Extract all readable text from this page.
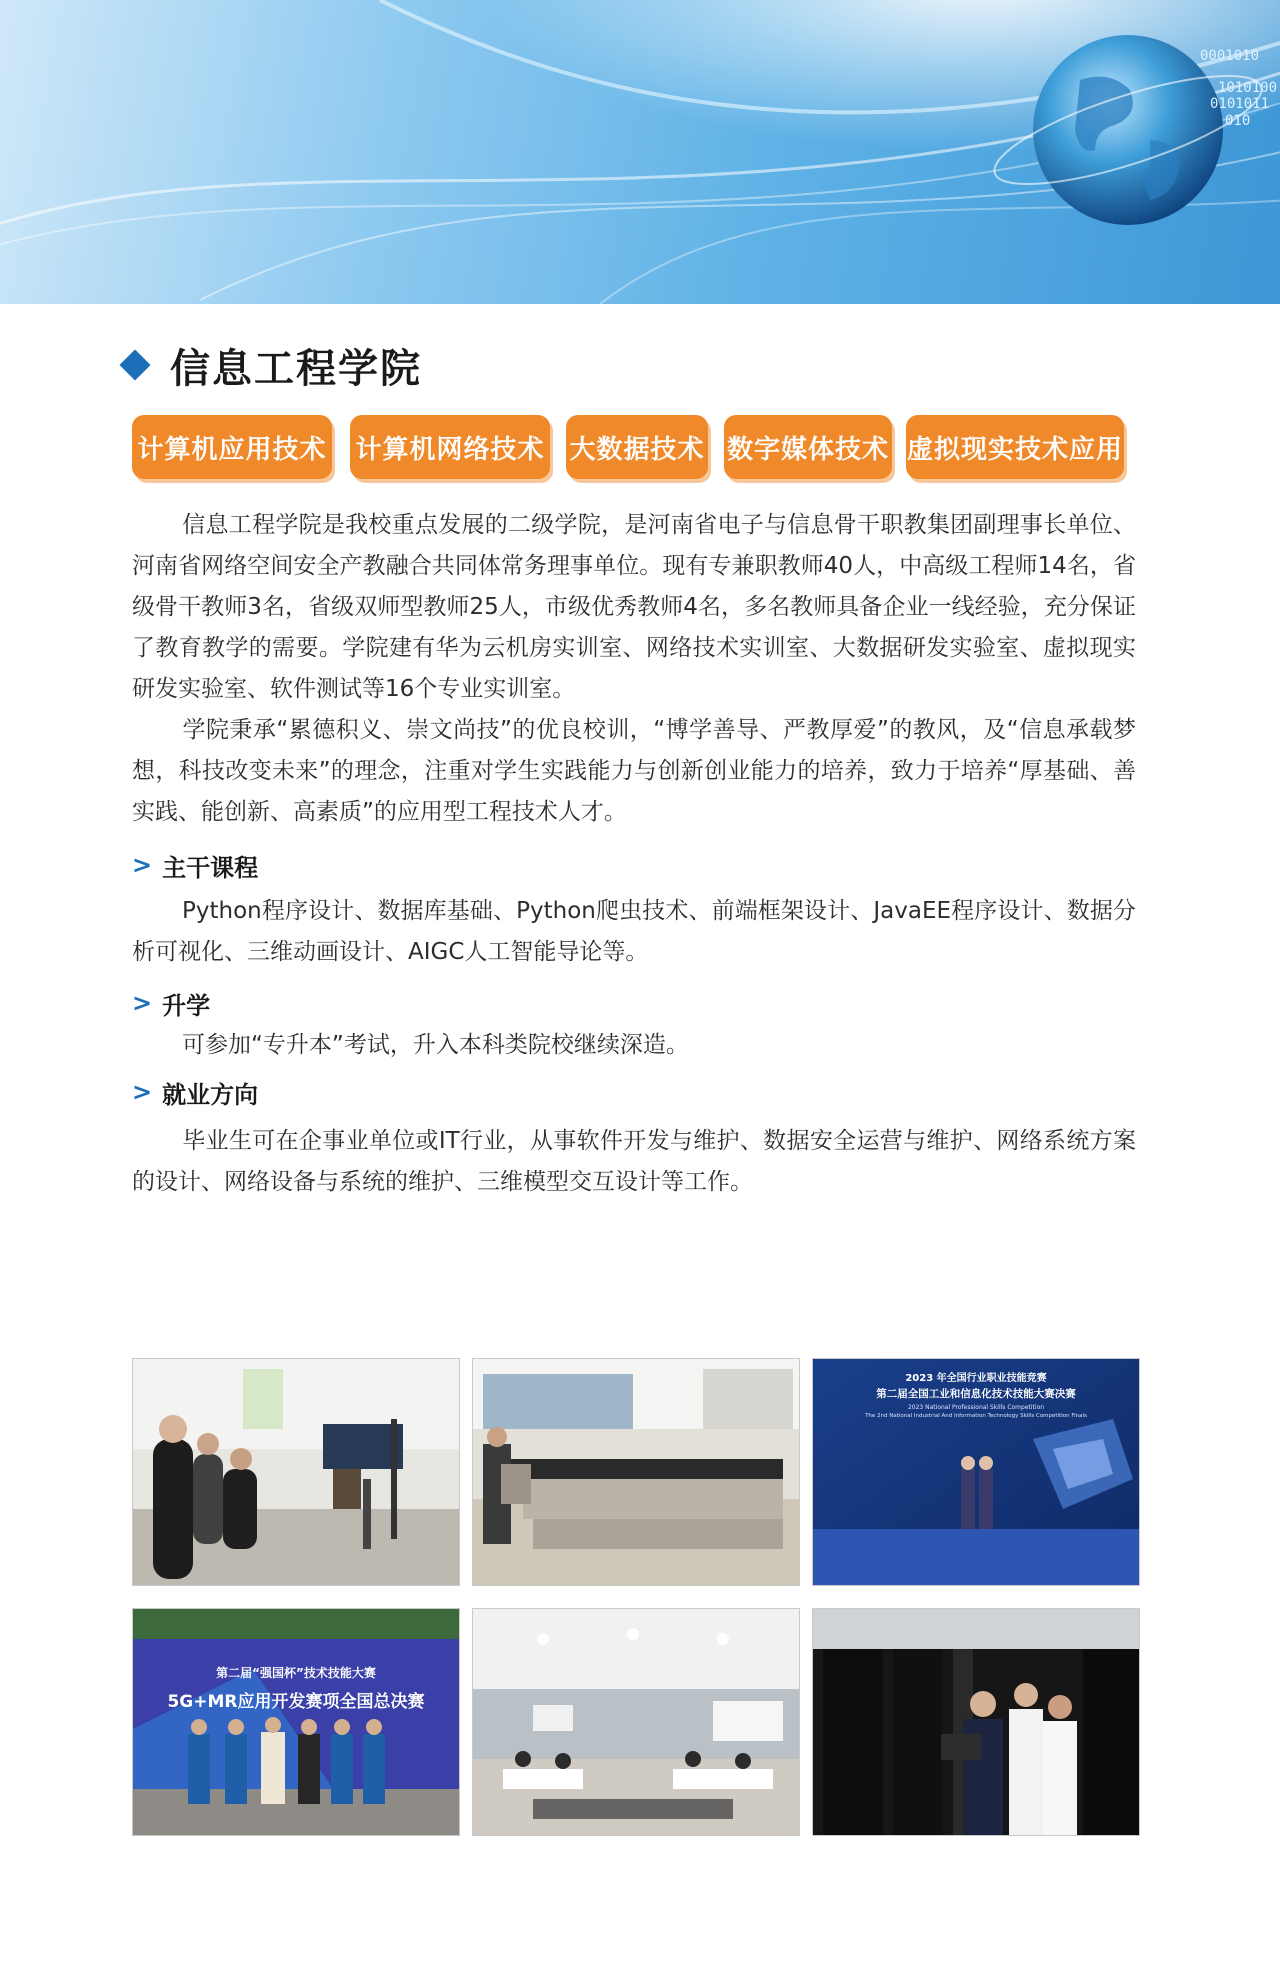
0001010
1010100
0101011
010
信息工程学院
计算机应用技术 计算机网络技术 大数据技术 数字媒体技术 虚拟现实技术应用

信息工程学院是我校重点发展的二级学院，是河南省电子与信息骨干职教集团副理事长单位、河南省网络空间安全产教融合共同体常务理事单位。现有专兼职教师40人，中高级工程师14名，省级骨干教师3名，省级双师型教师25人，市级优秀教师4名，多名教师具备企业一线经验，充分保证了教育教学的需要。学院建有华为云机房实训室、网络技术实训室、大数据研发实验室、虚拟现实研发实验室、软件测试等16个专业实训室。

学院秉承“累德积义、崇文尚技”的优良校训，“博学善导、严教厚爱”的教风，及“信息承载梦想，科技改变未来”的理念，注重对学生实践能力与创新创业能力的培养，致力于培养“厚基础、善实践、能创新、高素质”的应用型工程技术人才。

> 主干课程

Python程序设计、数据库基础、Python爬虫技术、前端框架设计、JavaEE程序设计、数据分析可视化、三维动画设计、AIGC人工智能导论等。

> 升学

可参加“专升本”考试，升入本科类院校继续深造。

> 就业方向

毕业生可在企事业单位或IT行业，从事软件开发与维护、数据安全运营与维护、网络系统方案的设计、网络设备与系统的维护、三维模型交互设计等工作。

2023 年全国行业职业技能竞赛
第二届全国工业和信息化技术技能大赛决赛
2023 National Professional Skills Competition
The 2nd National Industrial And Information Technology Skills Competition Finals
第二届“强国杯”技术技能大赛
5G+MR应用开发赛项全国总决赛
